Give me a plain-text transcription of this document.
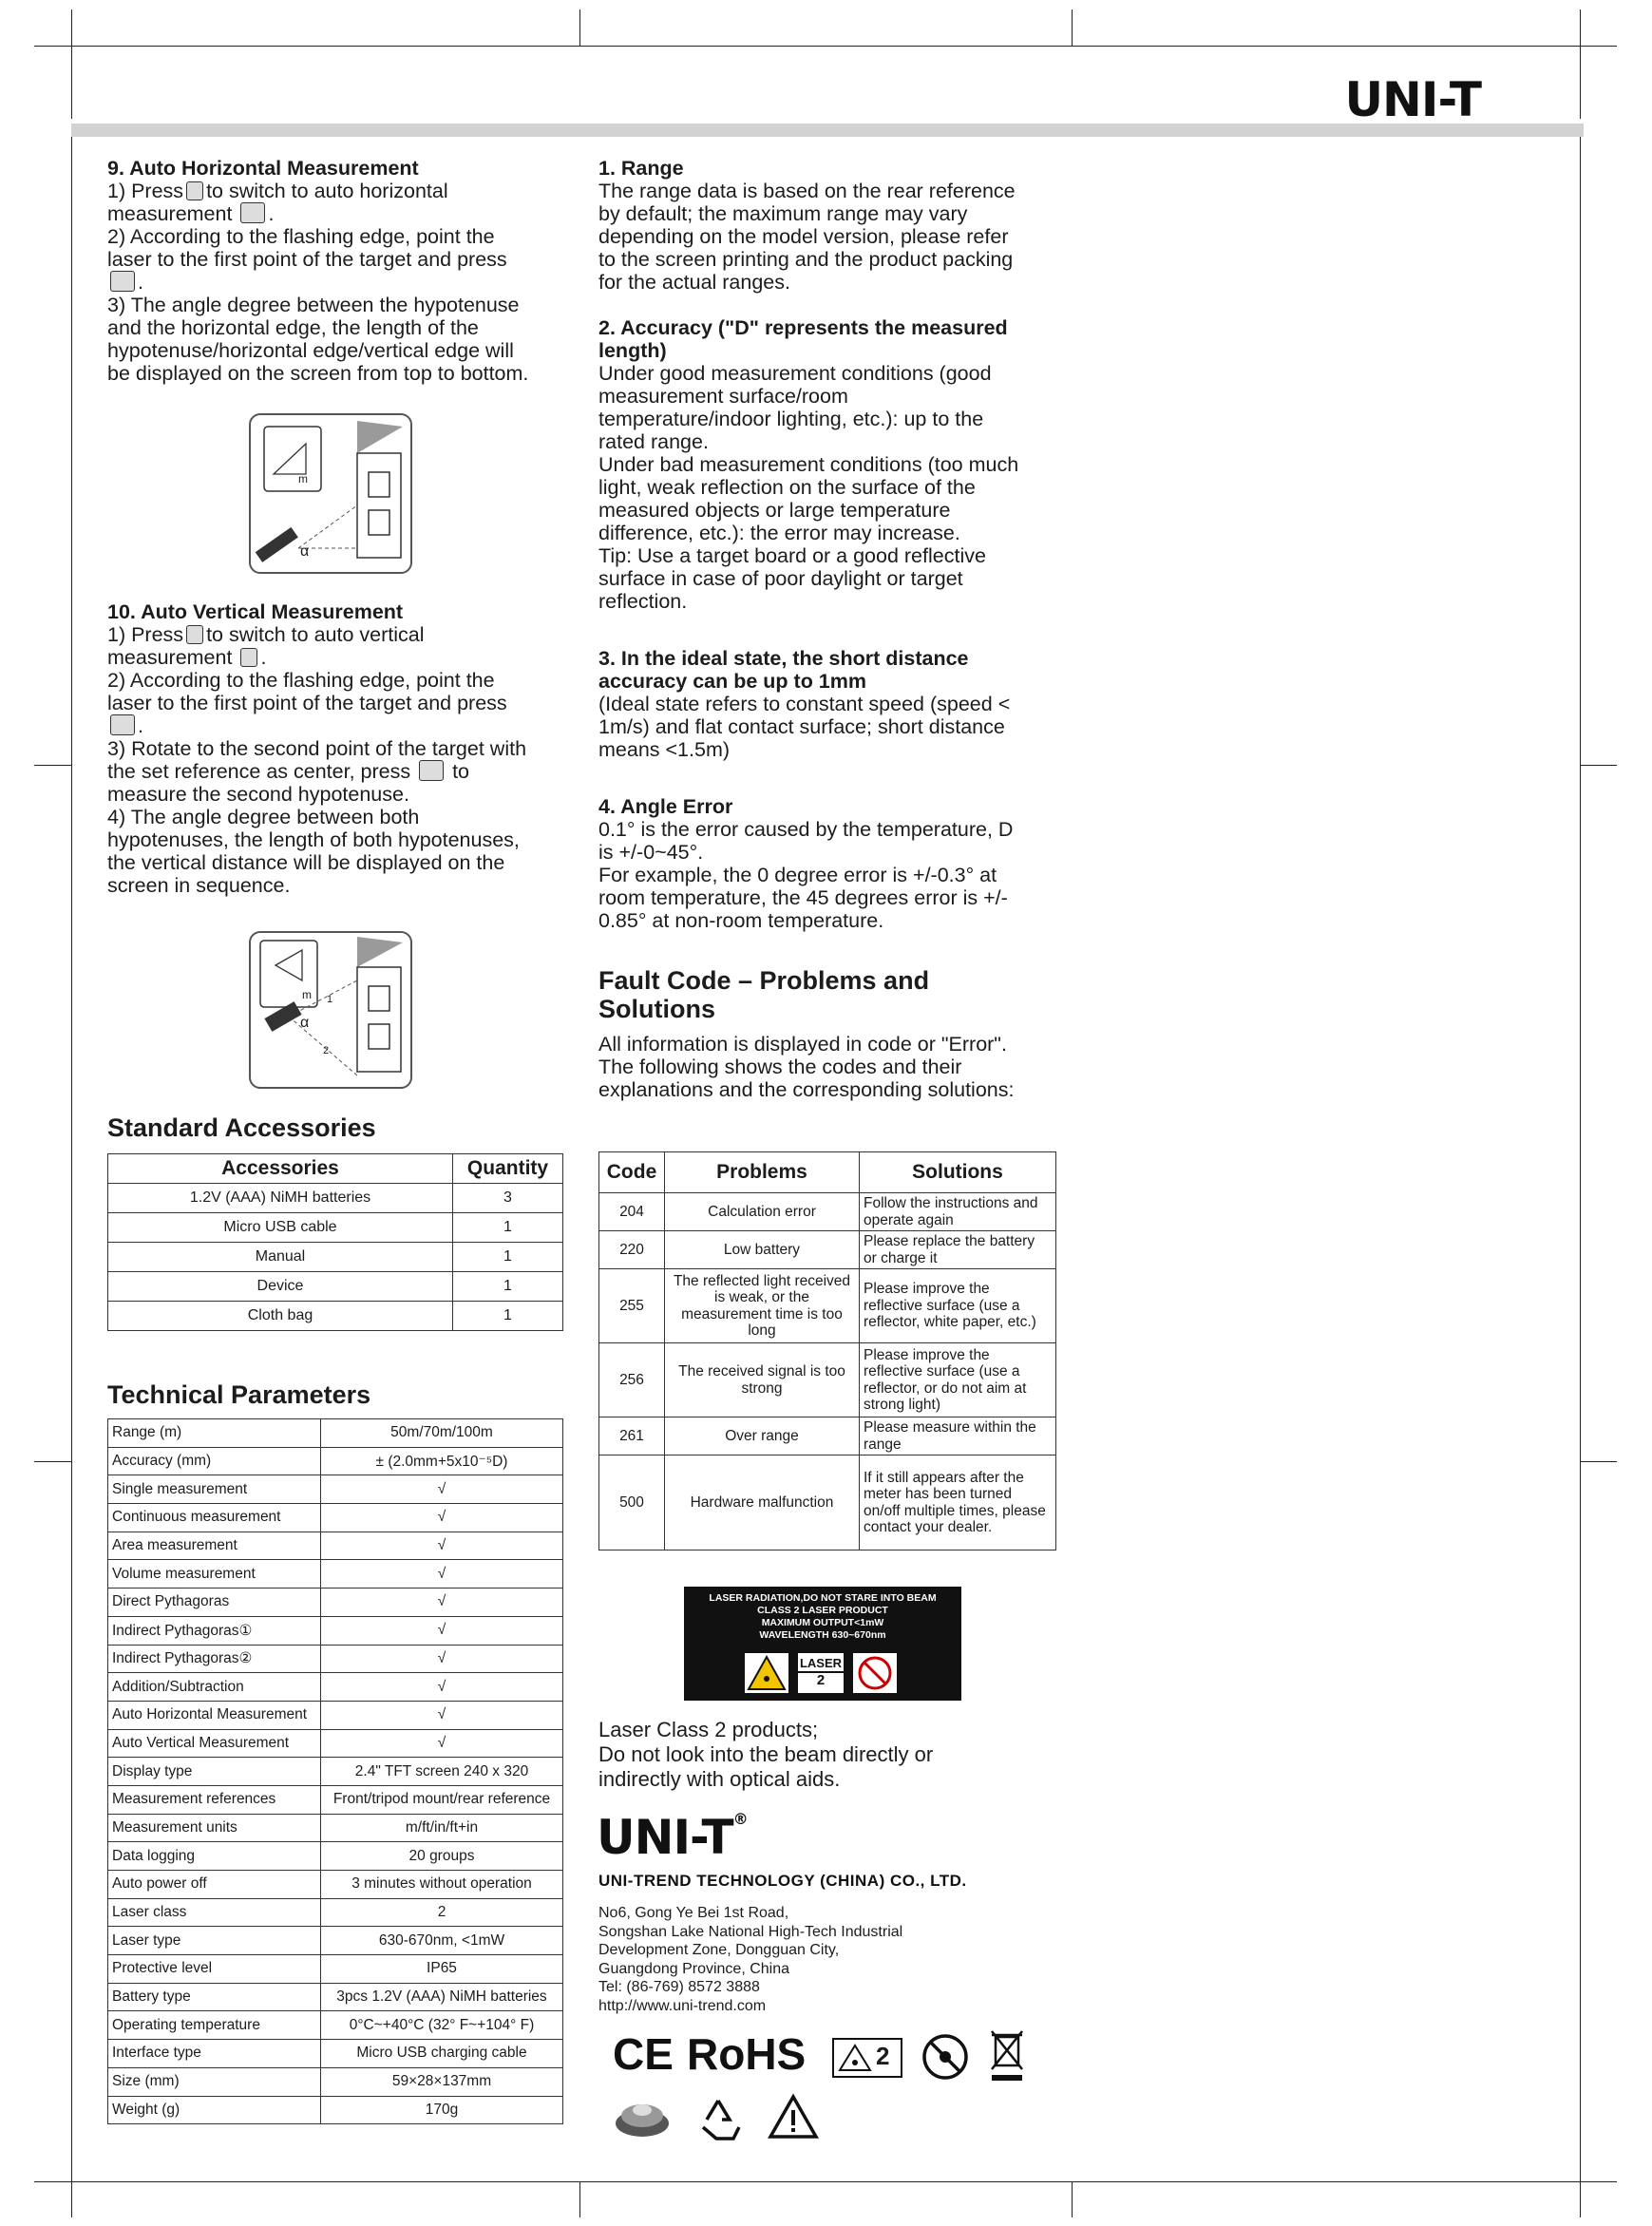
UNI-T

9. Auto Horizontal Measurement

1) Press to switch to auto horizontal

measurement .

2) According to the flashing edge, point the

laser to the first point of the target and press

.

3) The angle degree between the hypotenuse

and the horizontal edge, the length of the

hypotenuse/horizontal edge/vertical edge will

be displayed on the screen from top to bottom.

m
α

10. Auto Vertical Measurement

1) Press to switch to auto vertical

measurement .

2) According to the flashing edge, point the

laser to the first point of the target and press

.

3) Rotate to the second point of the target with

the set reference as center, press to

measure the second hypotenuse.

4) The angle degree between both

hypotenuses, the length of both hypotenuses,

the vertical distance will be displayed on the

screen in sequence.

m
α
1
2
Standard Accessories
Accessories	Quantity
1.2V (AAA) NiMH batteries	3
Micro USB cable	1
Manual	1
Device	1
Cloth bag	1
Technical Parameters
Range (m)	50m/70m/100m
Accuracy (mm)	± (2.0mm+5x10⁻⁵D)
Single measurement	√
Continuous measurement	√
Area measurement	√
Volume measurement	√
Direct Pythagoras	√
Indirect Pythagoras①	√
Indirect Pythagoras②	√
Addition/Subtraction	√
Auto Horizontal Measurement	√
Auto Vertical Measurement	√
Display type	2.4" TFT screen 240 x 320
Measurement references	Front/tripod mount/rear reference
Measurement units	m/ft/in/ft+in
Data logging	20 groups
Auto power off	3 minutes without operation
Laser class	2
Laser type	630-670nm, <1mW
Protective level	IP65
Battery type	3pcs 1.2V (AAA) NiMH batteries
Operating temperature	0°C~+40°C (32° F~+104° F)
Interface type	Micro USB charging cable
Size (mm)	59×28×137mm
Weight (g)	170g

1. Range

The range data is based on the rear reference

by default; the maximum range may vary

depending on the model version, please refer

to the screen printing and the product packing

for the actual ranges.

2. Accuracy ("D" represents the measured

length)

Under good measurement conditions (good

measurement surface/room

temperature/indoor lighting, etc.): up to the

rated range.

Under bad measurement conditions (too much

light, weak reflection on the surface of the

measured objects or large temperature

difference, etc.): the error may increase.

Tip: Use a target board or a good reflective

surface in case of poor daylight or target

reflection.

3. In the ideal state, the short distance

accuracy can be up to 1mm

(Ideal state refers to constant speed (speed <

1m/s) and flat contact surface; short distance

means <1.5m)

4. Angle Error

0.1° is the error caused by the temperature, D

is +/-0~45°.

For example, the 0 degree error is +/-0.3° at

room temperature, the 45 degrees error is +/-

0.85° at non-room temperature.

Fault Code – Problems and

Solutions

All information is displayed in code or "Error".

The following shows the codes and their

explanations and the corresponding solutions:

Code	Problems	Solutions
204	Calculation error	Follow the instructions and operate again
220	Low battery	Please replace the battery or charge it
255	The reflected light received is weak, or the measurement time is too long	Please improve the reflective surface (use a reflector, white paper, etc.)
256	The received signal is too strong	Please improve the reflective surface (use a reflector, or do not aim at strong light)
261	Over range	Please measure within the range
500	Hardware malfunction	If it still appears after the meter has been turned on/off multiple times, please contact your dealer.
LASER RADIATION,DO NOT STARE INTO BEAM
CLASS 2 LASER PRODUCT
MAXIMUM OUTPUT<1mW
WAVELENGTH 630~670nm
LASER
2

Laser Class 2 products;

Do not look into the beam directly or

indirectly with optical aids.

UNI-T®
UNI-TREND TECHNOLOGY (CHINA) CO., LTD.
No6, Gong Ye Bei 1st Road,
Songshan Lake National High-Tech Industrial
Development Zone, Dongguan City,
Guangdong Province, China
Tel: (86-769) 8572 3888
http://www.uni-trend.com
CE RoHS	2
